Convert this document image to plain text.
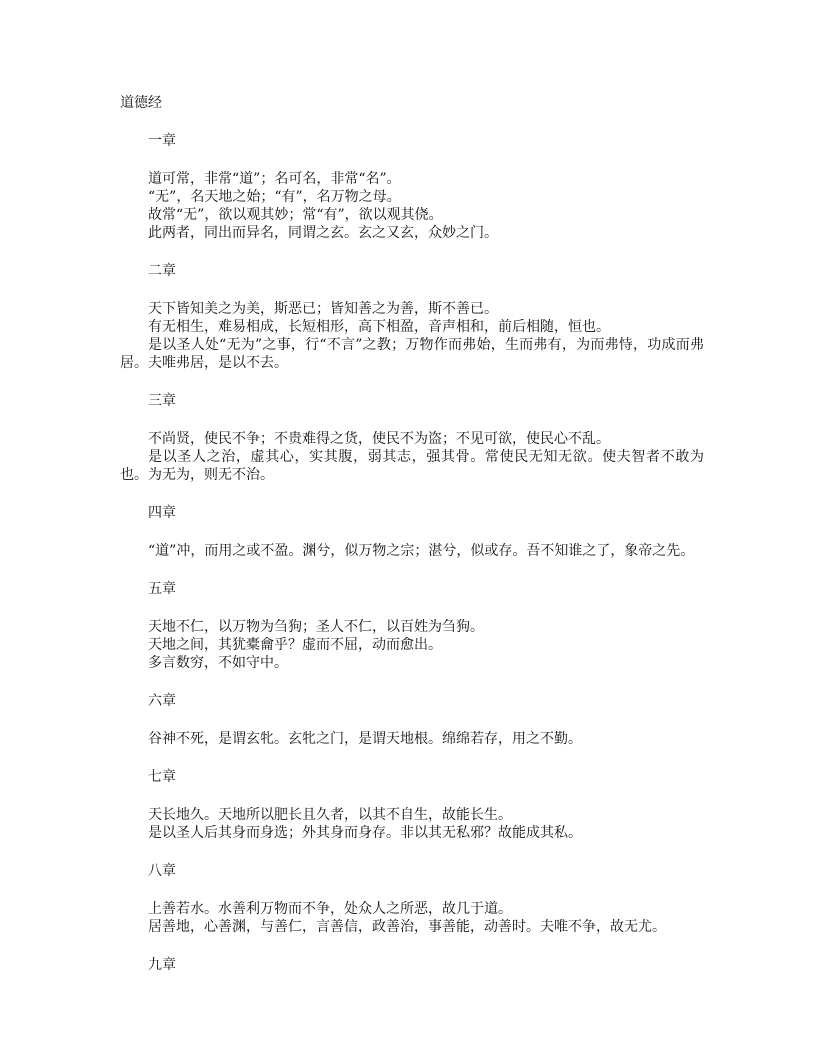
道德经
一章

道可常，非常“道”；名可名，非常“名”。

“无”，名天地之始；“有”，名万物之母。

故常“无”，欲以观其妙；常“有”，欲以观其侥。

此两者，同出而异名，同谓之玄。玄之又玄，众妙之门。

二章

天下皆知美之为美，斯恶已；皆知善之为善，斯不善已。

有无相生，难易相成，长短相形，高下相盈，音声相和，前后相随，恒也。

是以圣人处“无为”之事，行“不言”之教；万物作而弗始，生而弗有，为而弗恃，功成而弗居。夫唯弗居，是以不去。

三章

不尚贤，使民不争；不贵难得之货，使民不为盗；不见可欲，使民心不乱。

是以圣人之治，虚其心，实其腹，弱其志，强其骨。常使民无知无欲。使夫智者不敢为也。为无为，则无不治。

四章

“道”冲，而用之或不盈。渊兮，似万物之宗；湛兮，似或存。吾不知谁之了，象帝之先。

五章

天地不仁，以万物为刍狗；圣人不仁，以百姓为刍狗。

天地之间，其犹橐龠乎？虚而不屈，动而愈出。

多言数穷，不如守中。

六章

谷神不死，是谓玄牝。玄牝之门，是谓天地根。绵绵若存，用之不勤。

七章

天长地久。天地所以肥长且久者，以其不自生，故能长生。

是以圣人后其身而身选；外其身而身存。非以其无私邪？故能成其私。

八章

上善若水。水善利万物而不争，处众人之所恶，故几于道。

居善地，心善渊，与善仁，言善信，政善治，事善能，动善时。夫唯不争，故无尤。

九章
